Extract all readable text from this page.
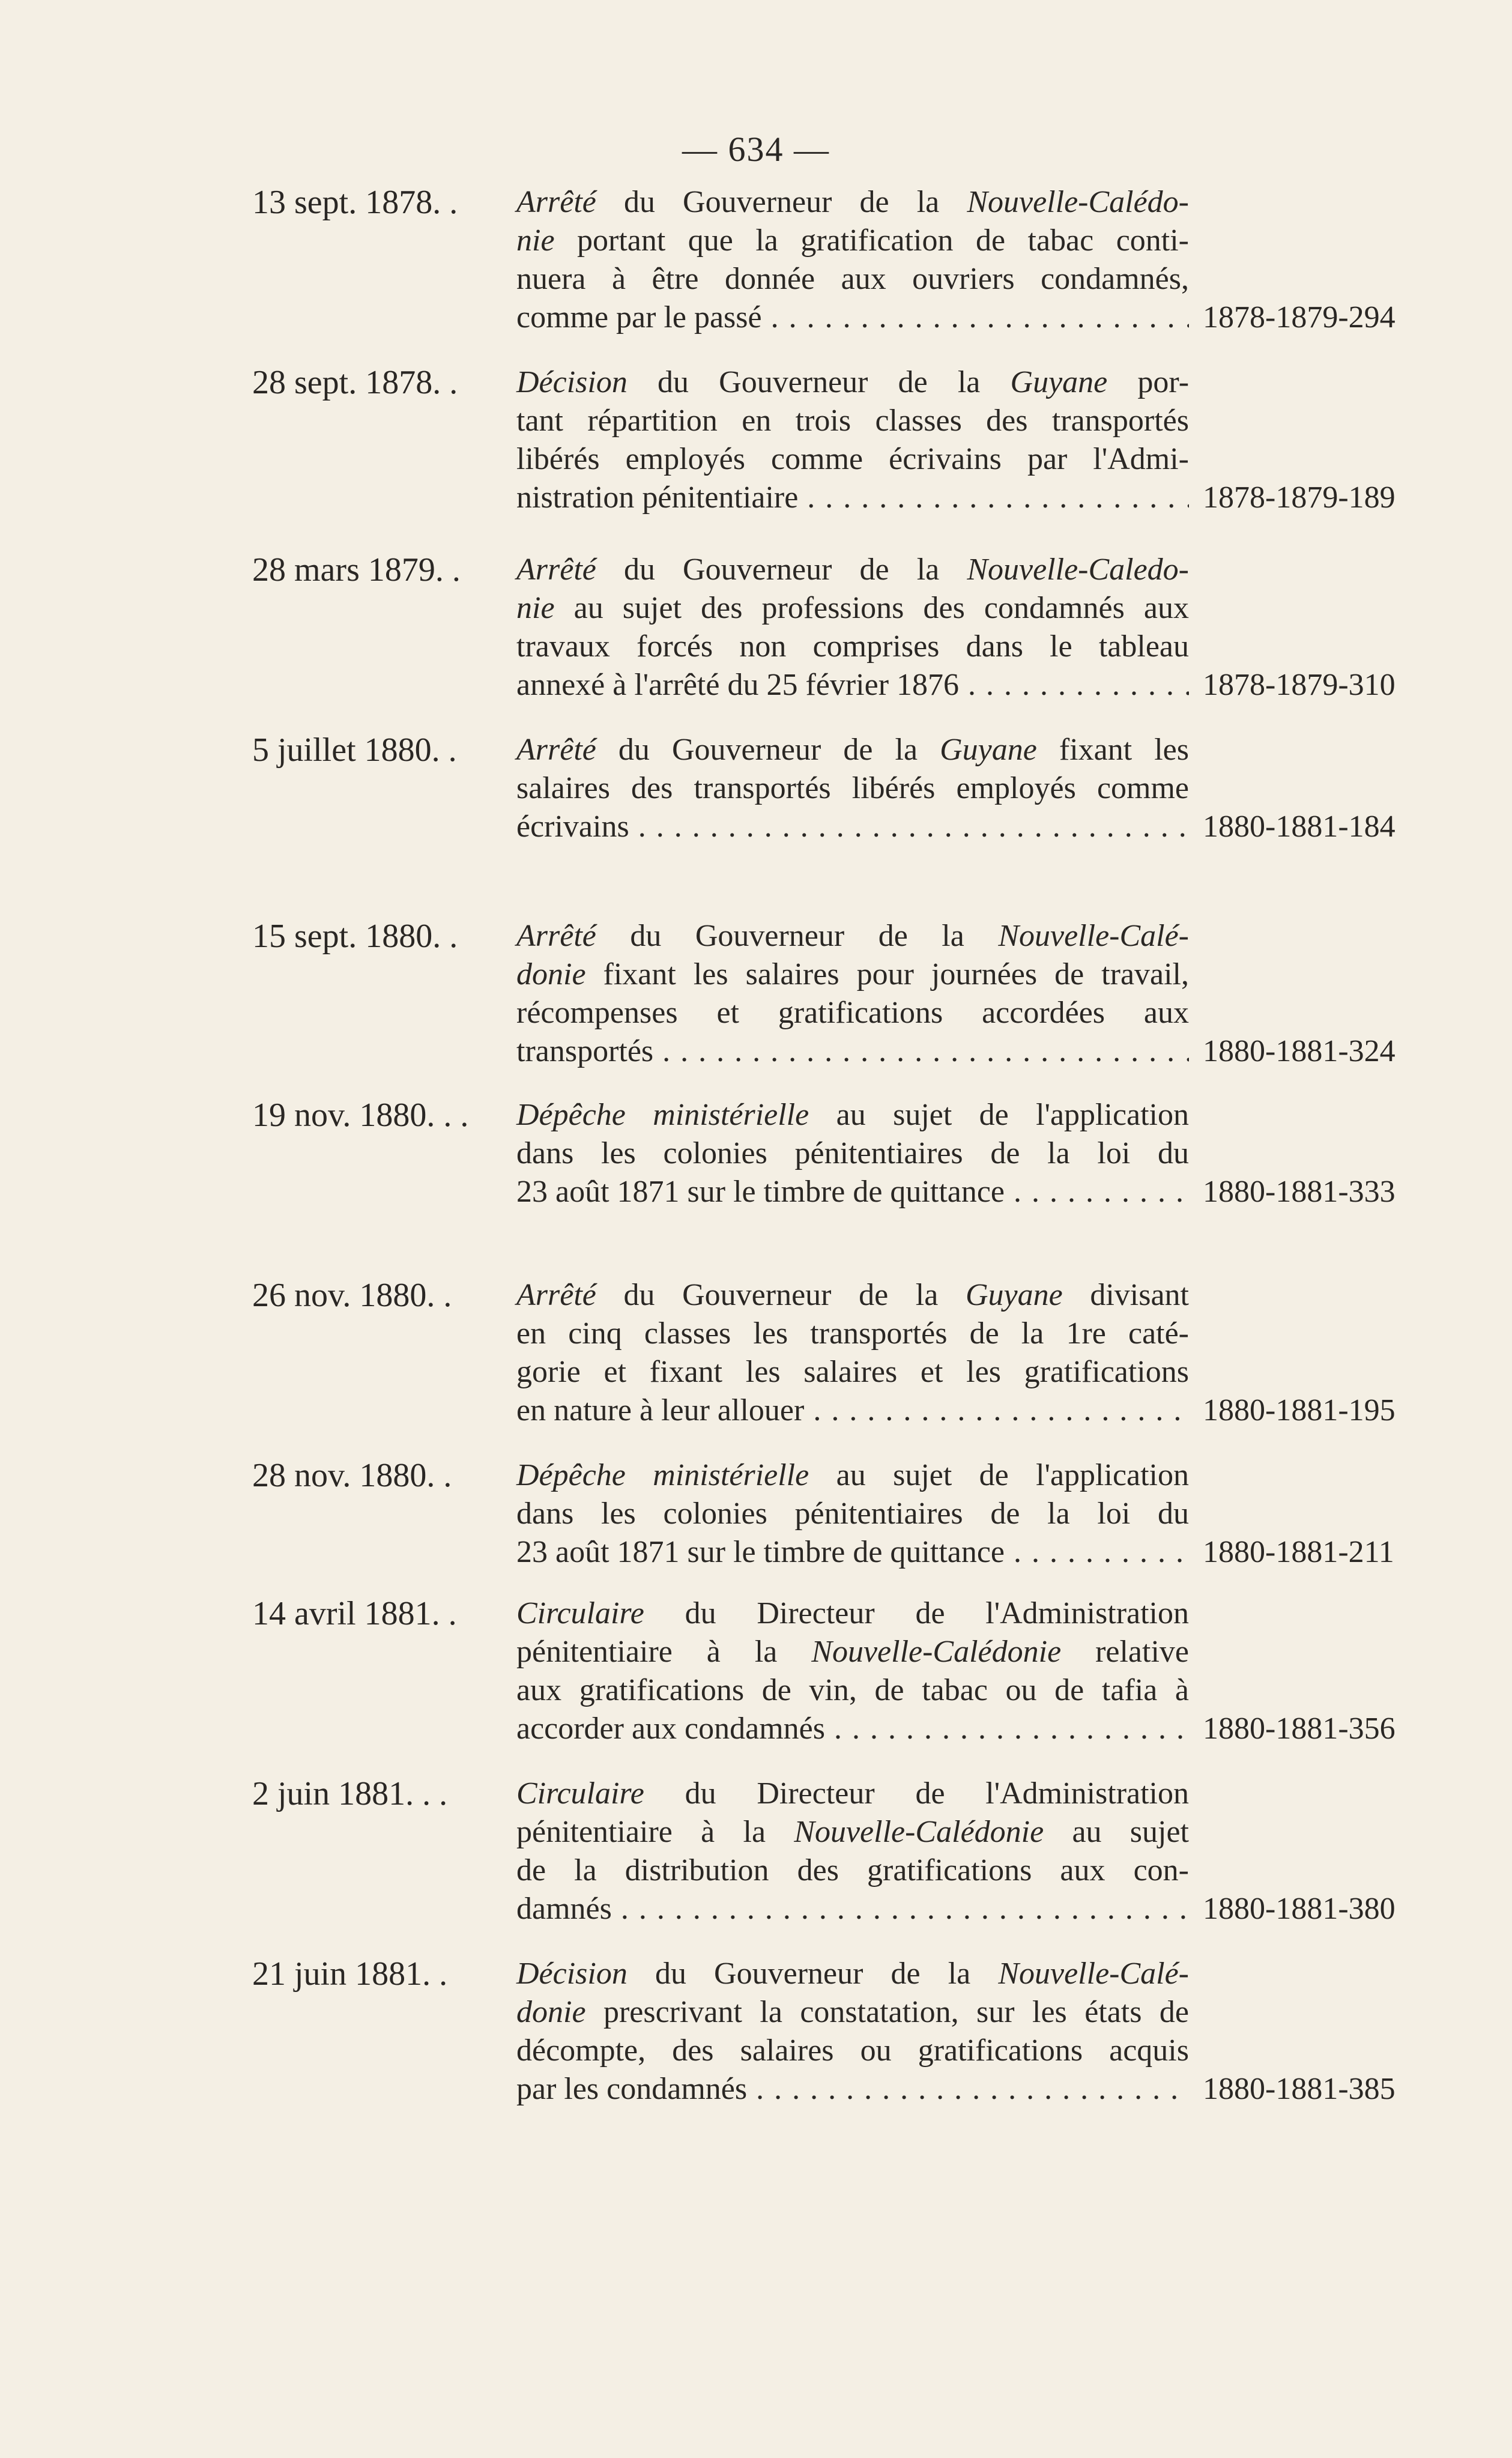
— 634 —
13 sept. 1878. . Arrêté du Gouverneur de la Nouvelle-Calédo-
nie portant que la gratification de tabac conti-
nuera à être donnée aux ouvriers condamnés,
comme par le passé . . .	1878-1879-294
28 sept. 1878. . Décision du Gouverneur de la Guyane por-
tant répartition en trois classes des transportés
libérés employés comme écrivains par l'Admi-
nistration pénitentiaire . . .	1878-1879-189
28 mars 1879. . Arrêté du Gouverneur de la Nouvelle-Caledo-
nie au sujet des professions des condamnés aux
travaux forcés non comprises dans le tableau
annexé à l'arrêté du 25 février 1876 . . .	1878-1879-310
5 juillet 1880. . Arrêté du Gouverneur de la Guyane fixant les
salaires des transportés libérés employés comme
écrivains . . .	1880-1881-184
15 sept. 1880. . Arrêté du Gouverneur de la Nouvelle-Calé-
donie fixant les salaires pour journées de travail,
récompenses et gratifications accordées aux
transportés . . .	1880-1881-324
19 nov. 1880. . . Dépêche ministérielle au sujet de l'application
dans les colonies pénitentiaires de la loi du
23 août 1871 sur le timbre de quittance . . .	1880-1881-333
26 nov. 1880. . Arrêté du Gouverneur de la Guyane divisant
en cinq classes les transportés de la 1re caté-
gorie et fixant les salaires et les gratifications
en nature à leur allouer . . .	1880-1881-195
28 nov. 1880. . Dépêche ministérielle au sujet de l'application
dans les colonies pénitentiaires de la loi du
23 août 1871 sur le timbre de quittance . . .	1880-1881-211
14 avril 1881. . Circulaire du Directeur de l'Administration
pénitentiaire à la Nouvelle-Calédonie relative
aux gratifications de vin, de tabac ou de tafia à
accorder aux condamnés . . .	1880-1881-356
2 juin 1881. . . Circulaire du Directeur de l'Administration
pénitentiaire à la Nouvelle-Calédonie au sujet
de la distribution des gratifications aux con-
damnés . . .	1880-1881-380
21 juin 1881. . Décision du Gouverneur de la Nouvelle-Calé-
donie prescrivant la constatation, sur les états de
décompte, des salaires ou gratifications acquis
par les condamnés . . .	1880-1881-385
